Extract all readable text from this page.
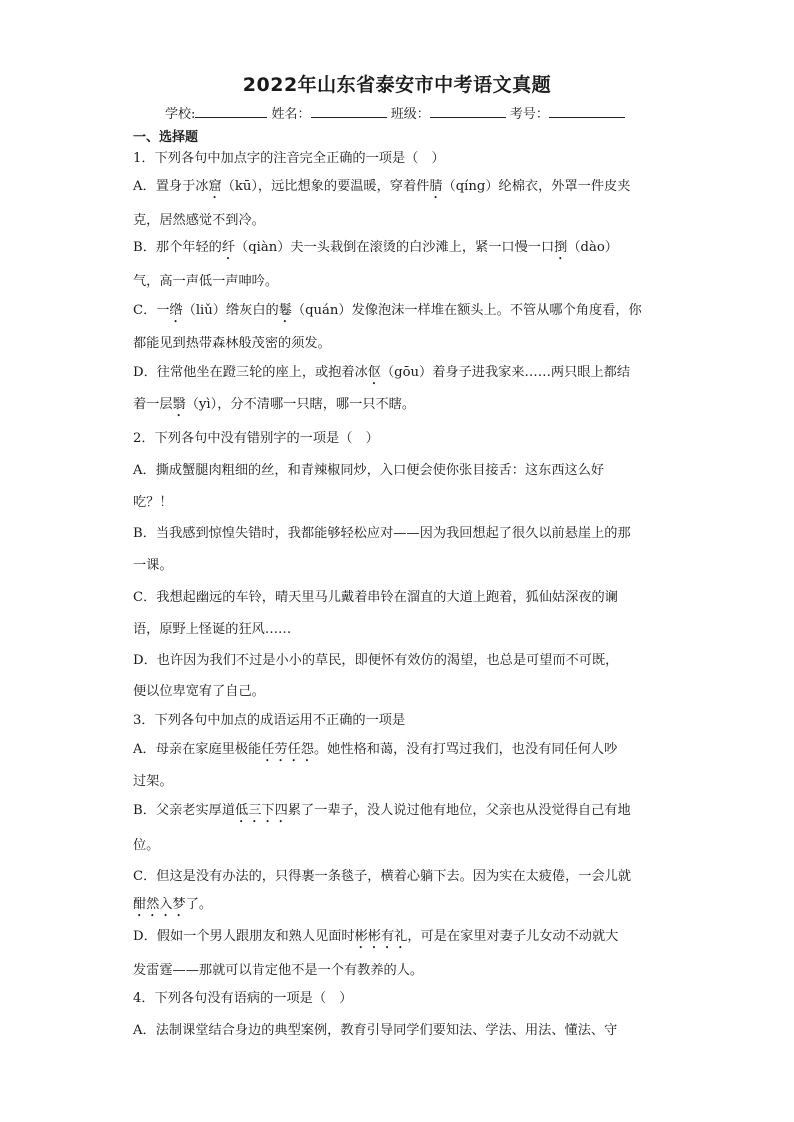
2022年山东省泰安市中考语文真题
学校:	姓名：	班级：	考号：
一、选择题
1．下列各句中加点字的注音完全正确的一项是（　）
A．置身于冰窟（kū），远比想象的要温暖，穿着件腈（qíng）纶棉衣，外罩一件皮夹
克，居然感觉不到冷。
B．那个年轻的纤（qiàn）夫一头栽倒在滚烫的白沙滩上，紧一口慢一口捯（dào）
气，高一声低一声呻吟。
C．一绺（liǔ）绺灰白的鬈（quán）发像泡沫一样堆在额头上。不管从哪个角度看，你
都能见到热带森林般茂密的须发。
D．往常他坐在蹬三轮的座上，或抱着冰伛（gōu）着身子进我家来……两只眼上都结
着一层翳（yì），分不清哪一只瞎，哪一只不瞎。
2．下列各句中没有错别字的一项是（　）
A．撕成蟹腿肉粗细的丝，和青辣椒同炒，入口便会使你张目接舌：这东西这么好
吃？！
B．当我感到惊惶失错时，我都能够轻松应对——因为我回想起了很久以前悬崖上的那
一课。
C．我想起幽远的车铃，晴天里马儿戴着串铃在溜直的大道上跑着，狐仙姑深夜的谰
语，原野上怪诞的狂风……
D．也许因为我们不过是小小的草民，即便怀有效仿的渴望，也总是可望而不可既，
便以位卑宽宥了自己。
3．下列各句中加点的成语运用不正确的一项是
A．母亲在家庭里极能任劳任怨。她性格和蔼，没有打骂过我们，也没有同任何人吵
过架。
B．父亲老实厚道低三下四累了一辈子，没人说过他有地位，父亲也从没觉得自己有地
位。
C．但这是没有办法的，只得裹一条毯子，横着心躺下去。因为实在太疲倦，一会儿就
酣然入梦了。
D．假如一个男人跟朋友和熟人见面时彬彬有礼，可是在家里对妻子儿女动不动就大
发雷霆——那就可以肯定他不是一个有教养的人。
4．下列各句没有语病的一项是（　）
A．法制课堂结合身边的典型案例，教育引导同学们要知法、学法、用法、懂法、守
